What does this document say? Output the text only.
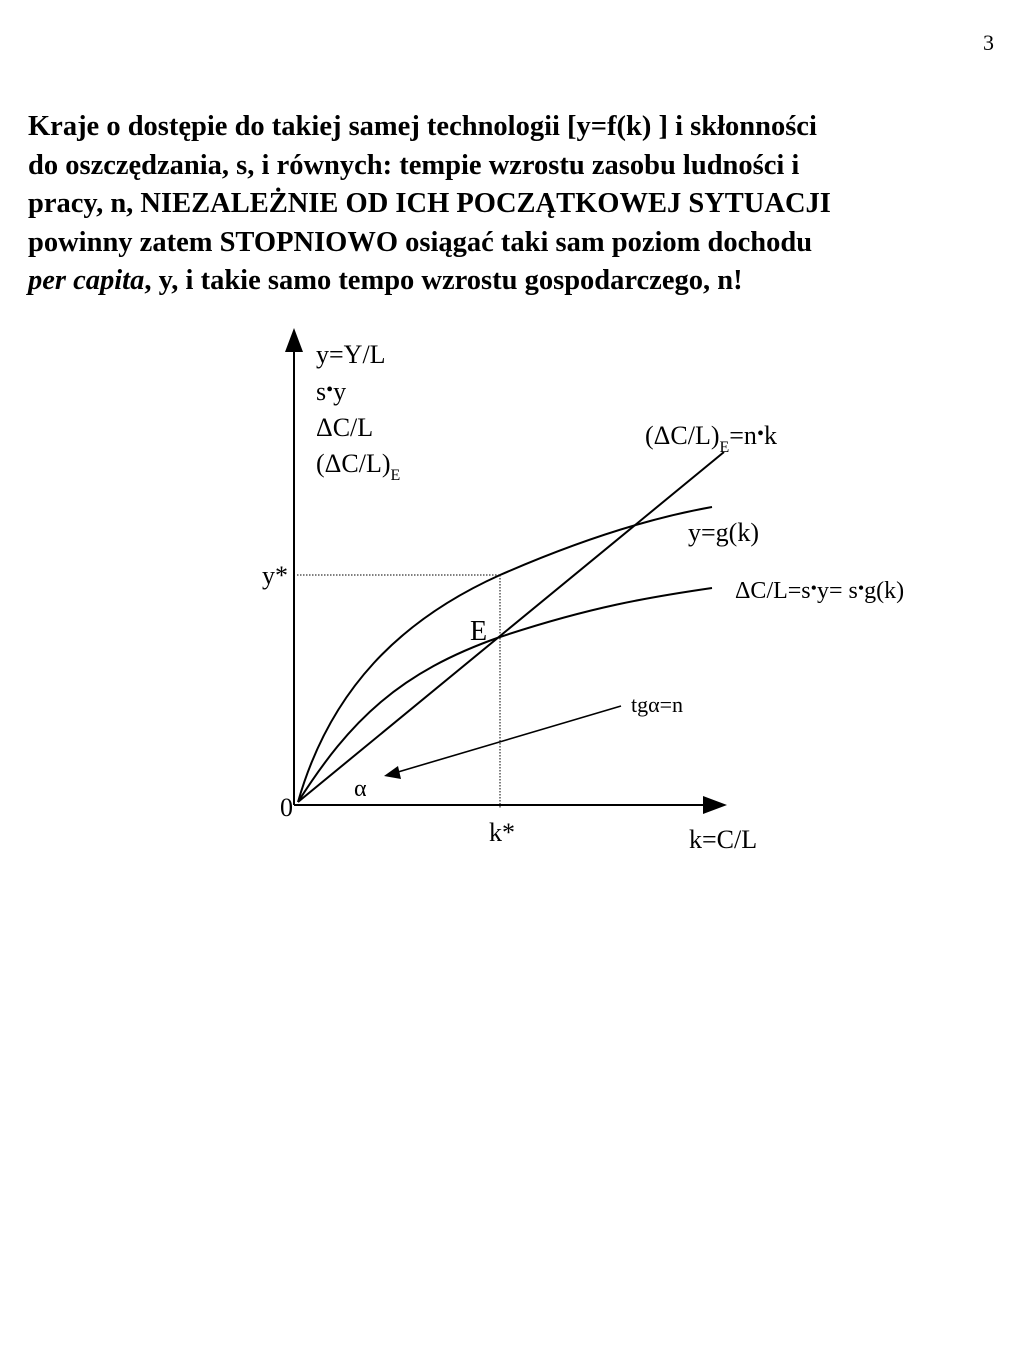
3
Kraje o dostępie do takiej samej technologii [y=f(k) ] i skłonności
do oszczędzania, s, i równych: tempie wzrostu zasobu ludności i
pracy, n, NIEZALEŻNIE OD ICH POCZĄTKOWEJ SYTUACJI
powinny zatem STOPNIOWO osiągać taki sam poziom dochodu
per capita, y, i takie samo tempo wzrostu gospodarczego, n!
y=Y/L
s•y
ΔC/L
$(\Delta C/L)_E$
$(\Delta C/L)_E=n•k$
y=g(k)
ΔC/L=s•y= s•g(k)
y*
E
tgα=n
α
0
k*	k=C/L
